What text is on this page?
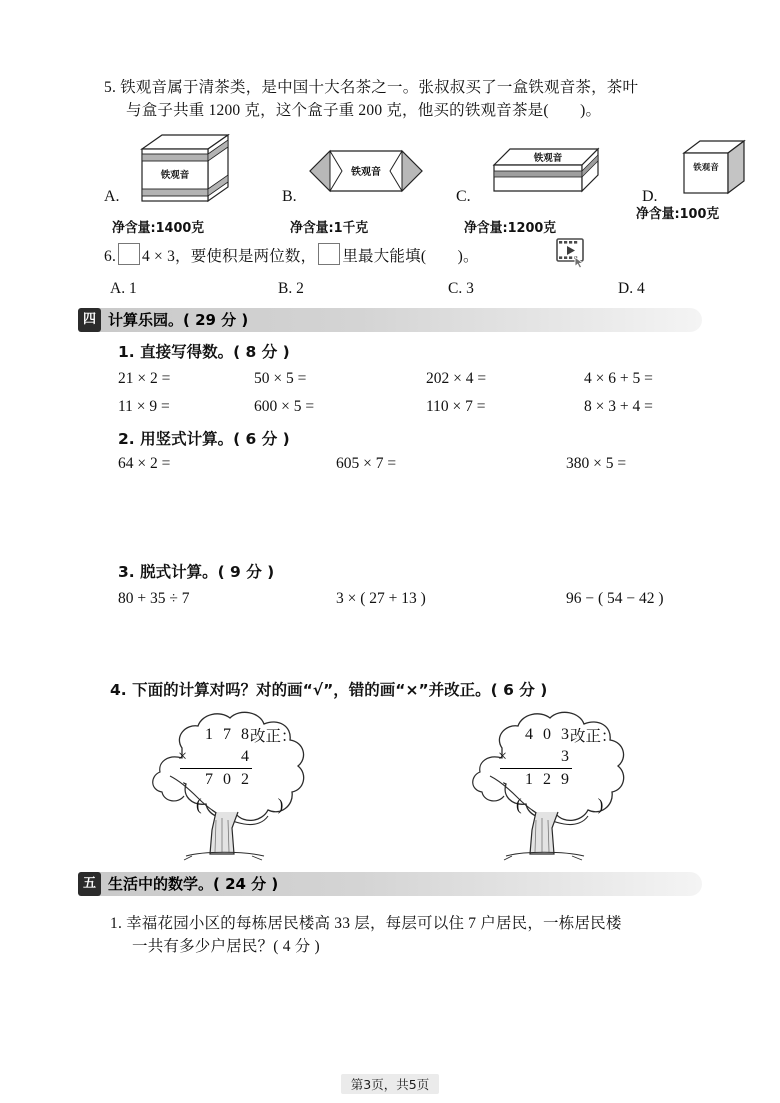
5. 铁观音属于清茶类，是中国十大名茶之一。张叔叔买了一盒铁观音茶，茶叶
与盒子共重 1200 克，这个盒子重 200 克，他买的铁观音茶是(　　)。
A.
铁观音
净含量:1400克
B.
铁观音
净含量:1千克
C.
铁观音
净含量:1200克
D.
铁观音
净含量:100克
6. 4 × 3，要使积是两位数， 里最大能填(　　)。
A. 1	B. 2	C. 3	D. 4
四 计算乐园。( 29 分 )
1. 直接写得数。( 8 分 )
21 × 2 =	50 × 5 =	202 × 4 =	4 × 6 + 5 =
11 × 9 =	600 × 5 =	110 × 7 =	8 × 3 + 4 =
2. 用竖式计算。( 6 分 )
64 × 2 =	605 × 7 =	380 × 5 =
3. 脱式计算。( 9 分 )
80 + 35 ÷ 7	3 × ( 27 + 13 )	96 − ( 54 − 42 )
4. 下面的计算对吗？对的画“√”，错的画“×”并改正。( 6 分 )
1 7 8
×	4
7 0 2
(　　)
改正：	4 0 3
×	3
1 2 9
(　　)
改正：
五 生活中的数学。( 24 分 )
1. 幸福花园小区的每栋居民楼高 33 层，每层可以住 7 户居民，一栋居民楼
一共有多少户居民？( 4 分 )
第3页，共5页
